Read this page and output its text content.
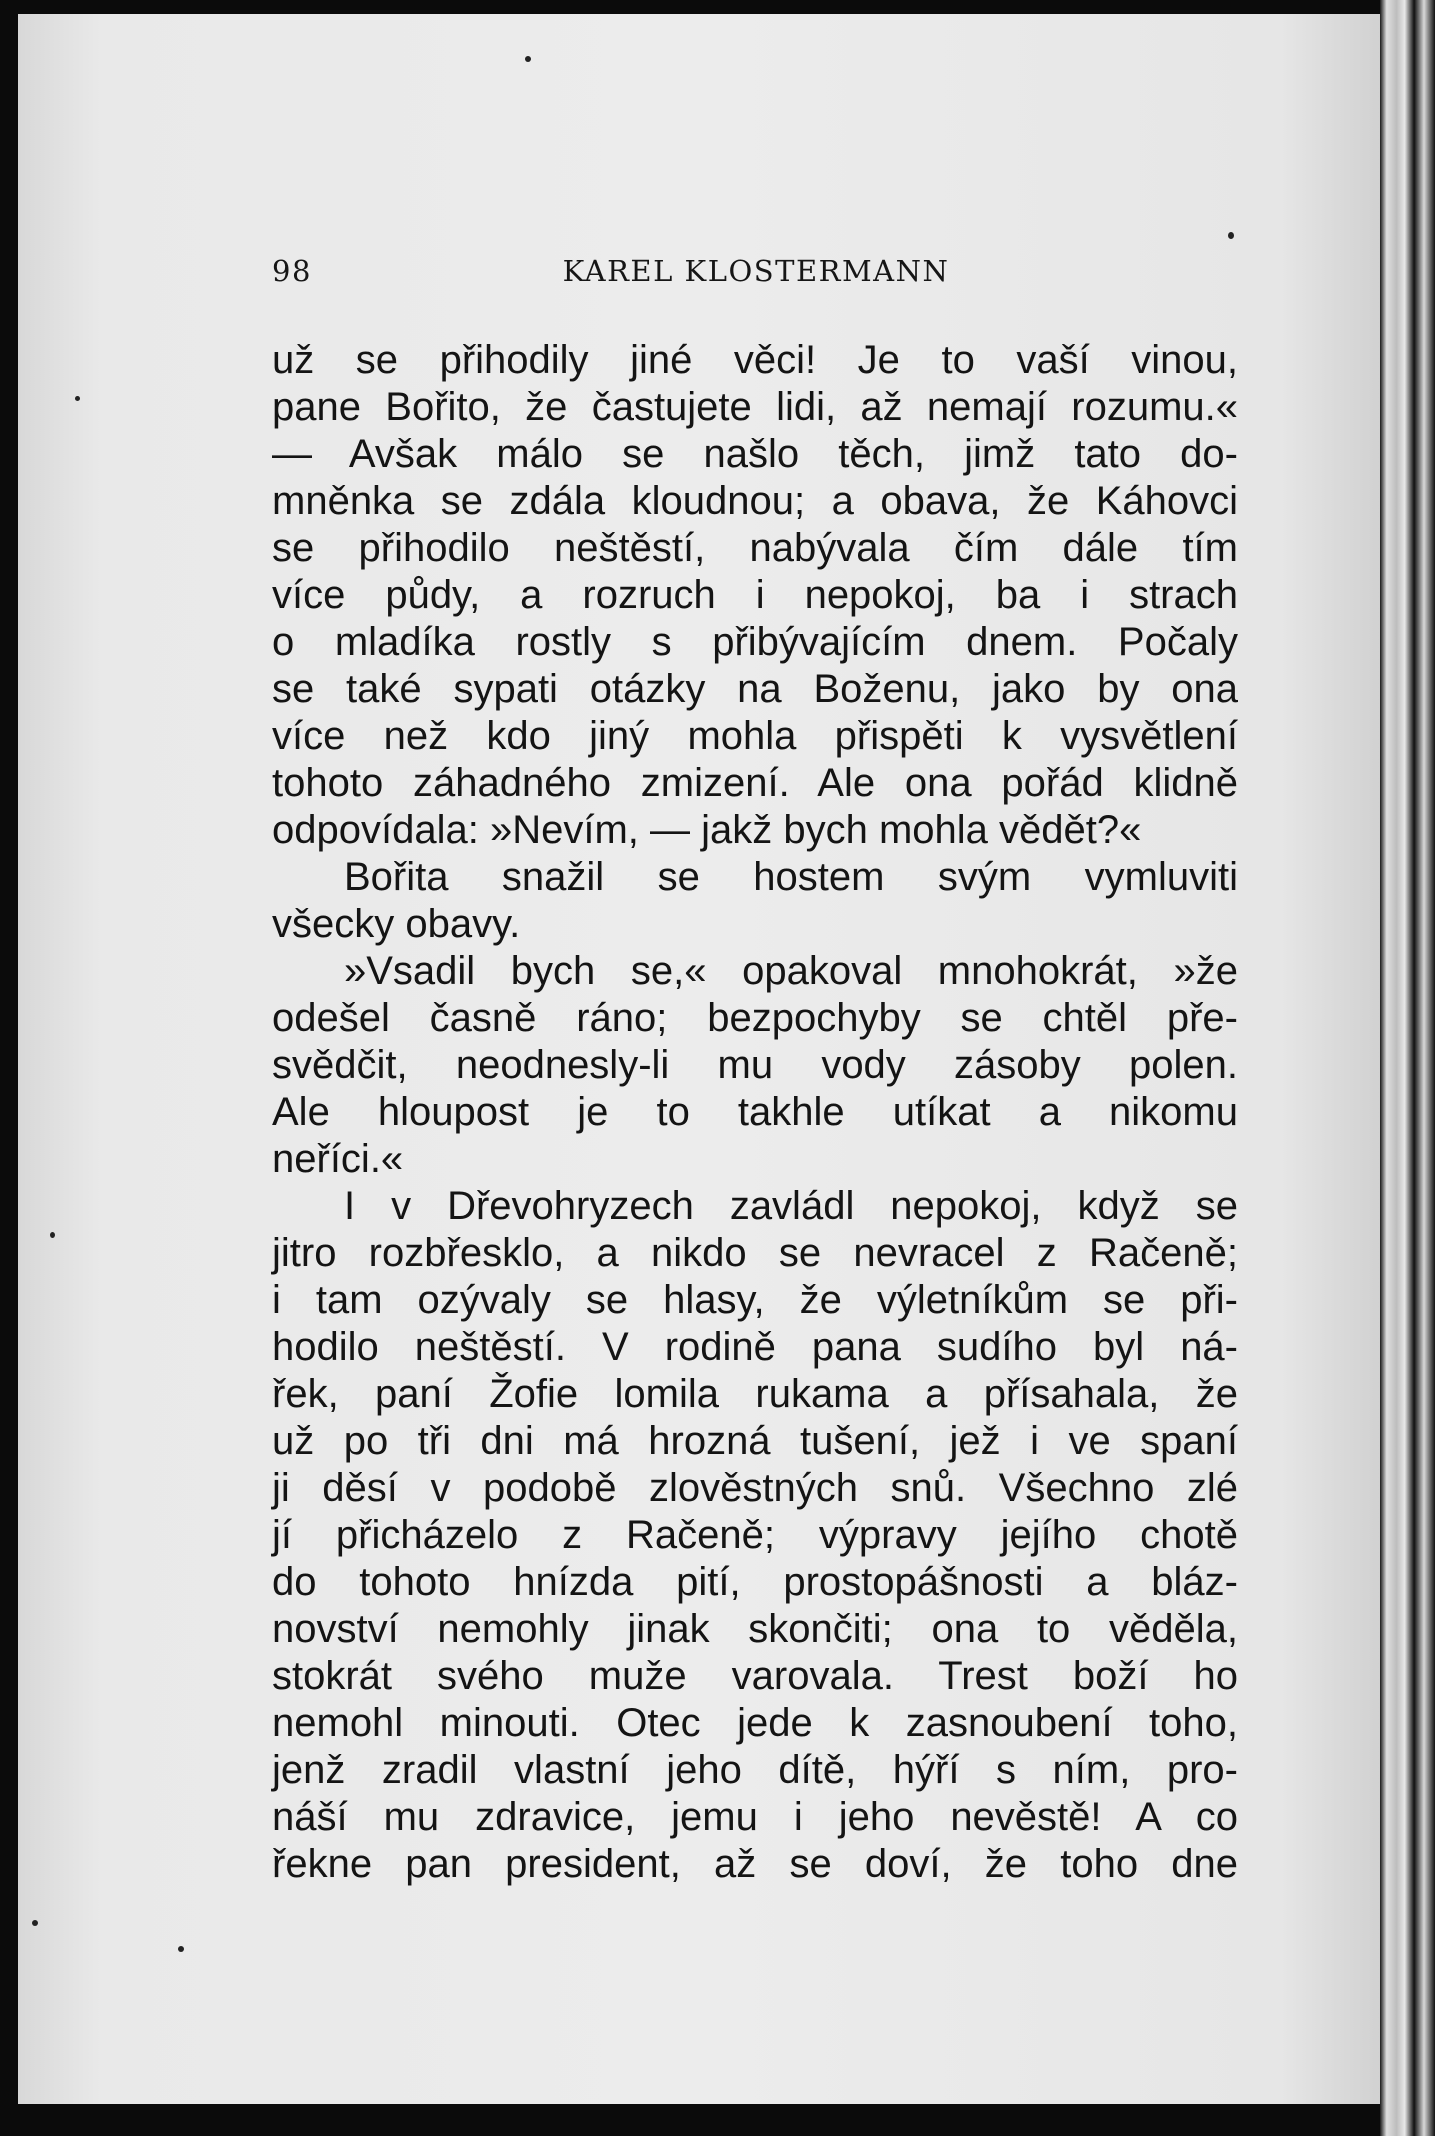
98	KAREL KLOSTERMANN
už se přihodily jiné věci! Je to vaší vinou,
pane Bořito, že častujete lidi, až nemají rozumu.«
— Avšak málo se našlo těch, jimž tato do-
mněnka se zdála kloudnou; a obava, že Káhovci
se přihodilo neštěstí, nabývala čím dále tím
více půdy, a rozruch i nepokoj, ba i strach
o mladíka rostly s přibývajícím dnem. Počaly
se také sypati otázky na Boženu, jako by ona
více než kdo jiný mohla přispěti k vysvětlení
tohoto záhadného zmizení. Ale ona pořád klidně
odpovídala: »Nevím, — jakž bych mohla vědět?«
Bořita snažil se hostem svým vymluviti
všecky obavy.
»Vsadil bych se,« opakoval mnohokrát, »že
odešel časně ráno; bezpochyby se chtěl pře-
svědčit, neodnesly-li mu vody zásoby polen.
Ale hloupost je to takhle utíkat a nikomu
neříci.«
I v Dřevohryzech zavládl nepokoj, když se
jitro rozbřesklo, a nikdo se nevracel z Račeně;
i tam ozývaly se hlasy, že výletníkům se při-
hodilo neštěstí. V rodině pana sudího byl ná-
řek, paní Žofie lomila rukama a přísahala, že
už po tři dni má hrozná tušení, jež i ve spaní
ji děsí v podobě zlověstných snů. Všechno zlé
jí přicházelo z Račeně; výpravy jejího chotě
do tohoto hnízda pití, prostopášnosti a bláz-
novství nemohly jinak skončiti; ona to věděla,
stokrát svého muže varovala. Trest boží ho
nemohl minouti. Otec jede k zasnoubení toho,
jenž zradil vlastní jeho dítě, hýří s ním, pro-
náší mu zdravice, jemu i jeho nevěstě! A co
řekne pan president, až se doví, že toho dne
